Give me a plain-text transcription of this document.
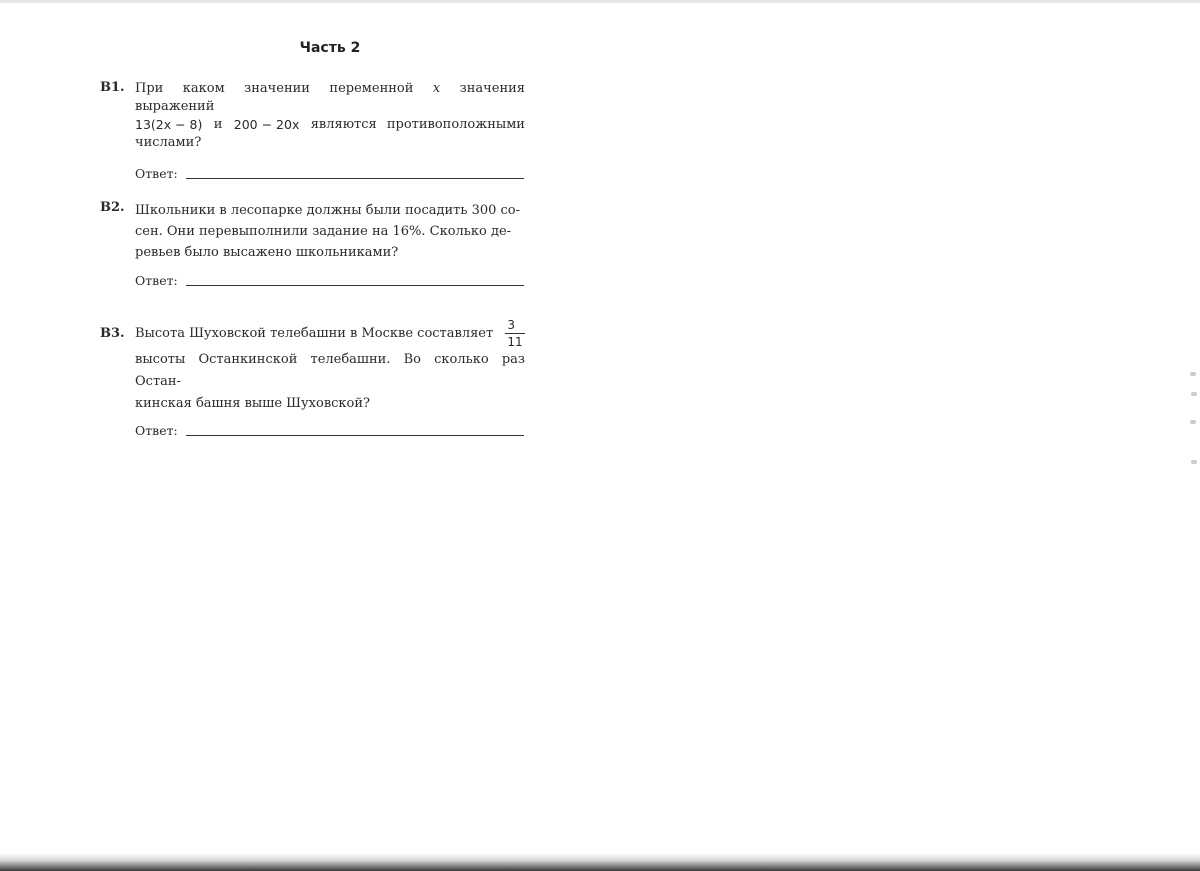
Часть 2
В1. При каком значении переменной x значения выражений
13(2x − 8) и 200 − 20x являются противоположными
числами?
Ответ:
В2. Школьники в лесопарке должны были посадить 300 со-
сен. Они перевыполнили задание на 16%. Сколько де-
ревьев было высажено школьниками?
Ответ:
В3. Высота Шуховской телебашни в Москве составляет $\frac{3}{11}$
высоты Останкинской телебашни. Во сколько раз Остан-
кинская башня выше Шуховской?
Ответ:
